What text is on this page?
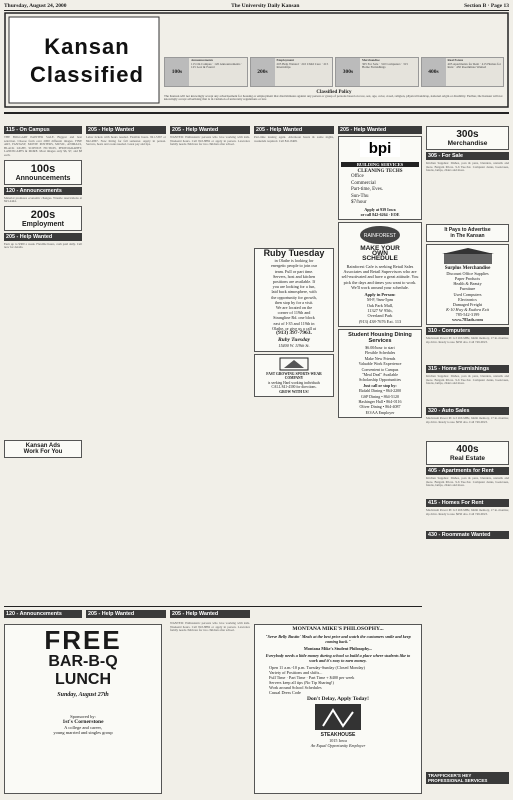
Thursday, August 24, 2000	The University Daily Kansan	Section B · Page 13
Kansan
Classified	100s
Announcements
115 On Campus · 120 Announcements · 125 Lost & Found
200s
Employment
205 Help Wanted · 210 Child Care · 215 Internships
300s
Merchandise
305 For Sale · 310 Computers · 315 Home Furnishings
400s
Real Estate
405 Apartments for Rent · 415 Homes for Rent · 430 Roommate Wanted
Classified Policy
The Kansan will not knowingly accept any advertisement for housing or employment that discriminates against any person or group of persons based on race, sex, age, color, creed, religion, physical handicap, national origin or disability. Further, the Kansan will not knowingly accept advertising that is in violation of university regulations or law.
115 - On Campus
THE BOGGART PAINTER SALE. Biggest and best selection. Choose from over 2000 different images. FINE ART, FANTASY, MOVIE POSTERS, MUSIC, ANIMALS, BLACK LIGHT, SCIENCE FICTION, PHOTOGRAPHY, LANDSCAPES & MORE. Most images only $6, $7, and $8 each.
100s
Announcements
120 - Announcements
Material promotes economic changes. Wrestle reservations at 843-4444.
200s
Employment
205 - Help Wanted
Earn up to $300 a week. Flexible hours, cash paid daily. Call now for details.
Kansan Ads
Work For You
205 - Help Wanted
Labor tickets with hours needed. Flexible hours. 841-5367 or 842-4867. Now hiring for fall semester. Apply in person. Servers, hosts and cooks needed. Great pay and tips.
205 - Help Wanted
WANTED: Enthusiastic persons who love working with kids. Weekend hours. Call 843-8882 or apply in person. Lawrence family needs childcare for two children after school.
205 - Help Wanted
Part-time leasing agent. Afternoon hours & some nights, weekends required. Call 841-8468.
Ruby Tuesday
in Olathe is looking for
energetic people to join our
team. Full or part time.
Servers, host and kitchen
positions are available. If
you are looking for a fun,
laid back atmosphere, with
the opportunity for growth,
then stop by for a visit.
We are located on the
corner of 119th and
Strangline Rd. one block
east of I-35 and 119th in
Olathe, or give us a call at
(913) 397-7963.
Ruby Tuesday
15400 W. 119th St.
FAST GROWING SPORTS-WEAR COMPANY
is seeking Hard working individuals
CALL 841-4300 for directions.
GROW WITH US!
205 - Help Wanted
bpi
BUILDING SERVICES
CLEANING TECHS
Office
Commercial
Part-time, Eves.
Sun-Thu
$7/hour
Apply at 939 Iowa
or call 842-6264 · EOE
RAINFOREST
MAKE YOUR
OWN
SCHEDULE
Rainforest Cafe is seeking Retail Sales Associates and Retail Supervisors who are self-motivated and have a great attitude. You pick the days and times you want to work. We'll work around your schedule.
Apply in Person:
M-F, 9am-5pm
Oak Park Mall,
11327 W 95th,
Overland Park
(913) 438-7676 Ext. 113
Student Housing Dining Services
$6.00/hour to start
Flexible Schedules
Make New Friends
Valuable Work Experience
Convenient to Campus
"Meal Deal" Available
Scholarship Opportunities
Just call or stop by:
Ekdahl Dining • 864-2200
GSP Dining • 864-5120
Hashinger Hall • 864-0116
Oliver Dining • 864-4087
EO/AA Employer
300s
Merchandise
305 - For Sale
Kitchen Supplies: Dishes, pots & pans, blenders, utensils and more. Bargain Prices. 9-6 Tue-Sat. Computer desks, bookcases, futons, lamps, chairs and more.
It Pays to Advertise
in The Kansan
Surplus Merchandise
Discount Office Supplies
Paper Products
Health & Beauty
Furniture
Used Computers
Electronics
Damaged Freight
K-10 Hwy & Eudora Exit
785-542-3199
www.785ads.com
310 - Computers
Macintosh Power PC G3 266 MHz, 64mb memory, 17 in. monitor, zip drive. Ready to use. $650 obo. Call 749-0023.
315 - Home Furnishings
Kitchen Supplies: Dishes, pots & pans, blenders, utensils and more. Bargain Prices. 9-6 Tue-Sat. Computer desks, bookcases, futons, lamps, chairs and more.
320 - Auto Sales
Macintosh Power PC G3 266 MHz, 64mb memory, 17 in. monitor, zip drive. Ready to use. $650 obo. Call 749-0023.
400s
Real Estate
405 - Apartments for Rent
Kitchen Supplies: Dishes, pots & pans, blenders, utensils and more. Bargain Prices. 9-6 Tue-Sat. Computer desks, bookcases, futons, lamps, chairs and more.
415 - Homes For Rent
Macintosh Power PC G3 266 MHz, 64mb memory, 17 in. monitor, zip drive. Ready to use. $650 obo. Call 749-0023.
430 - Roommate Wanted
120 - Announcements	205 - Help Wanted	205 - Help Wanted
FREE
BAR-B-Q
LUNCH
Sunday, August 27th
Sponsored by:
1st's Cornerstone
A college and career,
young married and singles group
MONTANA MIKE'S PHILOSOPHY...
"Serve Belly Bustin' Meals at the best price and watch the customers smile and keep coming back."
Montana Mike's Student Philosophy...
Everybody needs a little money during school so build a place where students like to work and it's easy to earn money.
Open 11 a.m.-10 p.m. Tuesday-Sunday (Closed Monday)
Variety of Positions and shifts...
Full Time · Part Time · Part Time + $400 per week
Servers keep all tips (No Tip Sharing!)
Work around School Schedules
Casual Dress Code
Don't Delay, Apply Today!
STEAKHOUSE
1015 Iowa
An Equal Opportunity Employer
WANTED: Enthusiastic persons who love working with kids. Weekend hours. Call 843-8882 or apply in person. Lawrence family needs childcare for two children after school.
TRAFFICKER'S HEY PROFESSIONAL SERVICES
